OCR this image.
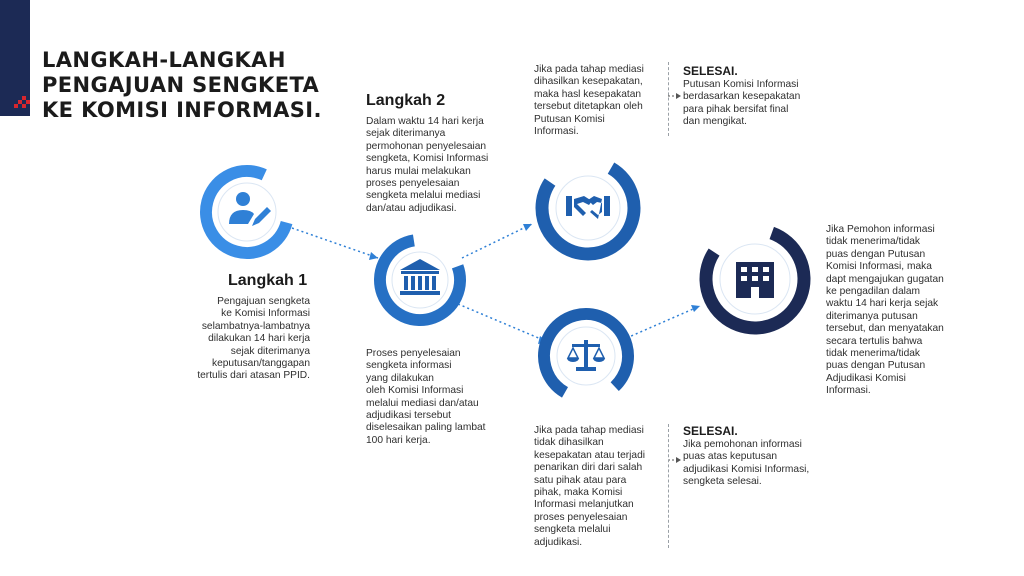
LANGKAH-LANGKAH
PENGAJUAN SENGKETA
KE KOMISI INFORMASI.
Langkah 1
Pengajuan sengketa
ke Komisi Informasi
selambatnya-lambatnya
dilakukan 14 hari kerja
sejak diterimanya
keputusan/tanggapan
tertulis dari atasan PPID.
Langkah 2
Dalam waktu 14 hari kerja
sejak diterimanya
permohonan penyelesaian
sengketa, Komisi Informasi
harus mulai melakukan
proses penyelesaian
sengketa melalui mediasi
dan/atau adjudikasi.
Proses penyelesaian
sengketa informasi
yang dilakukan
oleh Komisi Informasi
melalui mediasi dan/atau
adjudikasi tersebut
diselesaikan paling lambat
100 hari kerja.
Jika pada tahap mediasi
dihasilkan kesepakatan,
maka hasl kesepakatan
tersebut ditetapkan oleh
Putusan Komisi
Informasi.
Jika pada tahap mediasi
tidak dihasilkan
kesepakatan atau terjadi
penarikan diri dari salah
satu pihak atau para
pihak, maka Komisi
Informasi melanjutkan
proses penyelesaian
sengketa melalui
adjudikasi.
SELESAI.
Putusan Komisi Informasi
berdasarkan kesepakatan
para pihak bersifat final
dan mengikat.
SELESAI.
Jika pemohonan informasi
puas atas keputusan
adjudikasi Komisi Informasi,
sengketa selesai.
Jika Pemohon informasi
tidak menerima/tidak
puas dengan Putusan
Komisi Informasi, maka
dapt mengajukan gugatan
ke pengadilan dalam
waktu 14 hari kerja sejak
diterimanya putusan
tersebut, dan menyatakan
secara tertulis bahwa
tidak menerima/tidak
puas dengan Putusan
Adjudikasi Komisi
Informasi.
